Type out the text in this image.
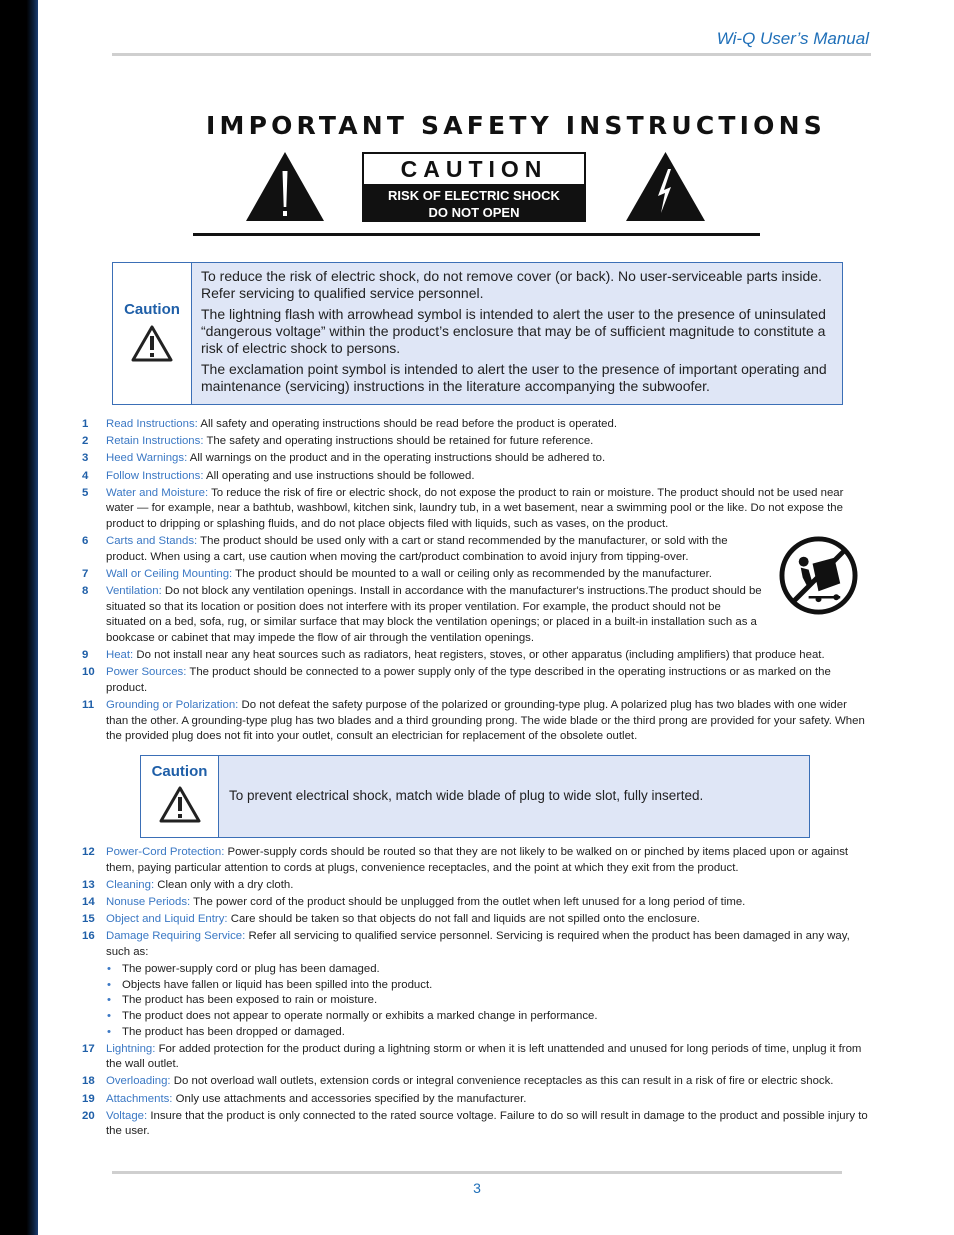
Wi-Q User’s Manual
IMPORTANT SAFETY INSTRUCTIONS
CAUTION
RISK OF ELECTRIC SHOCK
DO NOT OPEN
Caution

To reduce the risk of electric shock, do not remove cover (or back). No user-serviceable parts inside. Refer servicing to qualified service personnel.

The lightning flash with arrowhead symbol is intended to alert the user to the presence of uninsulated “dangerous voltage” within the product’s enclosure that may be of sufficient magnitude to constitute a risk of electric shock to persons.

The exclamation point symbol is intended to alert the user to the presence of important operating and maintenance (servicing) instructions in the literature accompanying the subwoofer.

1	Read Instructions: All safety and operating instructions should be read before the product is operated.
2	Retain Instructions: The safety and operating instructions should be retained for future reference.
3	Heed Warnings: All warnings on the product and in the operating instructions should be adhered to.
4	Follow Instructions: All operating and use instructions should be followed.
5	Water and Moisture: To reduce the risk of fire or electric shock, do not expose the product to rain or moisture. The product should not be used near water — for example, near a bathtub, washbowl, kitchen sink, laundry tub, in a wet basement, near a swimming pool or the like. Do not expose the product to dripping or splashing fluids, and do not place objects filed with liquids, such as vases, on the product.
6	Carts and Stands: The product should be used only with a cart or stand recommended by the manufacturer, or sold with the product. When using a cart, use caution when moving the cart/product combination to avoid injury from tipping-over.
7	Wall or Ceiling Mounting: The product should be mounted to a wall or ceiling only as recommended by the manufacturer.
8	Ventilation: Do not block any ventilation openings. Install in accordance with the manufacturer's instructions.The product should be situated so that its location or position does not interfere with its proper ventilation. For example, the product should not be situated on a bed, sofa, rug, or similar surface that may block the ventilation openings; or placed in a built-in installation such as a bookcase or cabinet that may impede the flow of air through the ventilation openings.
9	Heat: Do not install near any heat sources such as radiators, heat registers, stoves, or other apparatus (including amplifiers) that produce heat.
10 Power Sources: The product should be connected to a power supply only of the type described in the operating instructions or as marked on the product.
11	Grounding or Polarization: Do not defeat the safety purpose of the polarized or grounding-type plug. A polarized plug has two blades with one wider than the other. A grounding-type plug has two blades and a third grounding prong. The wide blade or the third prong are provided for your safety. When the provided plug does not fit into your outlet, consult an electrician for replacement of the obsolete outlet.
Caution
To prevent electrical shock, match wide blade of plug to wide slot, fully inserted.
12 Power-Cord Protection: Power-supply cords should be routed so that they are not likely to be walked on or pinched by items placed upon or against them, paying particular attention to cords at plugs, convenience receptacles, and the point at which they exit from the product.
13 Cleaning: Clean only with a dry cloth.
14 Nonuse Periods: The power cord of the product should be unplugged from the outlet when left unused for a long period of time.
15 Object and Liquid Entry: Care should be taken so that objects do not fall and liquids are not spilled onto the enclosure.
16 Damage Requiring Service: Refer all servicing to qualified service personnel. Servicing is required when the product has been damaged in any way, such as:
• The power-supply cord or plug has been damaged.
• Objects have fallen or liquid has been spilled into the product.
• The product has been exposed to rain or moisture.
• The product does not appear to operate normally or exhibits a marked change in performance.
• The product has been dropped or damaged.
17 Lightning: For added protection for the product during a lightning storm or when it is left unattended and unused for long periods of time, unplug it from the wall outlet.
18 Overloading: Do not overload wall outlets, extension cords or integral convenience receptacles as this can result in a risk of fire or electric shock.
19 Attachments: Only use attachments and accessories specified by the manufacturer.
20 Voltage: Insure that the product is only connected to the rated source voltage. Failure to do so will result in damage to the product and possible injury to the user.
3
